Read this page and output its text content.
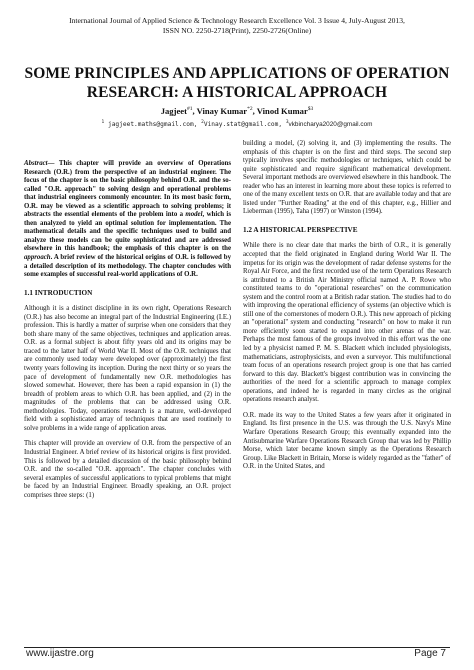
International Journal of Applied Science & Technology Research Excellence Vol. 3 Issue 4, July-August 2013,
ISSN NO. 2250-2718(Print), 2250-2726(Online)
SOME PRINCIPLES AND APPLICATIONS OF OPERATION
RESEARCH: A HISTORICAL APPROACH
Jagjeet$^{\#1}$, Vinay Kumar$^{*2}$, Vinod Kumar$^{\$3}$
$^1$ jagjeet.maths@gmail.com, $^2$Vinay.stat@gmail.com, $^3$vkbincharya2020@gmail.com

Abstract— This chapter will provide an overview of Operations Research (O.R.) from the perspective of an industrial engineer. The focus of the chapter is on the basic philosophy behind O.R. and the so-called "O.R. approach" to solving design and operational problems that industrial engineers commonly encounter. In its most basic form, O.R. may be viewed as a scientific approach to solving problems; it abstracts the essential elements of the problem into a model, which is then analyzed to yield an optimal solution for implementation. The mathematical details and the specific techniques used to build and analyze these models can be quite sophisticated and are addressed elsewhere in this handbook; the emphasis of this chapter is on the approach. A brief review of the historical origins of O.R. is followed by a detailed description of its methodology. The chapter concludes with some examples of successful real-world applications of O.R.

1.1 INTRODUCTION

Although it is a distinct discipline in its own right, Operations Research (O.R.) has also become an integral part of the Industrial Engineering (I.E.) profession. This is hardly a matter of surprise when one considers that they both share many of the same objectives, techniques and application areas. O.R. as a formal subject is about fifty years old and its origins may be traced to the latter half of World War II. Most of the O.R. techniques that are commonly used today were developed over (approximately) the first twenty years following its inception. During the next thirty or so years the pace of development of fundamentally new O.R. methodologies has slowed somewhat. However, there has been a rapid expansion in (1) the breadth of problem areas to which O.R. has been applied, and (2) in the magnitudes of the problems that can be addressed using O.R. methodologies. Today, operations research is a mature, well-developed field with a sophisticated array of techniques that are used routinely to solve problems in a wide range of application areas.

This chapter will provide an overview of O.R. from the perspective of an Industrial Engineer. A brief review of its historical origins is first provided. This is followed by a detailed discussion of the basic philosophy behind O.R. and the so-called "O.R. approach". The chapter concludes with several examples of successful applications to typical problems that might be faced by an Industrial Engineer. Broadly speaking, an O.R. project comprises three steps: (1)

building a model, (2) solving it, and (3) implementing the results. The emphasis of this chapter is on the first and third steps. The second step typically involves specific methodologies or techniques, which could be quite sophisticated and require significant mathematical development. Several important methods are overviewed elsewhere in this handbook. The reader who has an interest in learning more about these topics is referred to one of the many excellent texts on O.R. that are available today and that are listed under "Further Reading" at the end of this chapter, e.g., Hillier and Lieberman (1995), Taha (1997) or Winston (1994).

1.2 A HISTORICAL PERSPECTIVE

While there is no clear date that marks the birth of O.R., it is generally accepted that the field originated in England during World War II. The impetus for its origin was the development of radar defense systems for the Royal Air Force, and the first recorded use of the term Operations Research is attributed to a British Air Ministry official named A. P. Rowe who constituted teams to do "operational researches" on the communication system and the control room at a British radar station. The studies had to do with improving the operational efficiency of systems (an objective which is still one of the cornerstones of modern O.R.). This new approach of picking an "operational" system and conducting "research" on how to make it run more efficiently soon started to expand into other arenas of the war. Perhaps the most famous of the groups involved in this effort was the one led by a physicist named P. M. S. Blackett which included physiologists, mathematicians, astrophysicists, and even a surveyor. This multifunctional team focus of an operations research project group is one that has carried forward to this day. Blackett's biggest contribution was in convincing the authorities of the need for a scientific approach to manage complex operations, and indeed he is regarded in many circles as the original operations research analyst.

O.R. made its way to the United States a few years after it originated in England. Its first presence in the U.S. was through the U.S. Navy's Mine Warfare Operations Research Group; this eventually expanded into the Antisubmarine Warfare Operations Research Group that was led by Phillip Morse, which later became known simply as the Operations Research Group. Like Blackett in Britain, Morse is widely regarded as the "father" of O.R. in the United States, and

www.ijastre.org	Page 7
